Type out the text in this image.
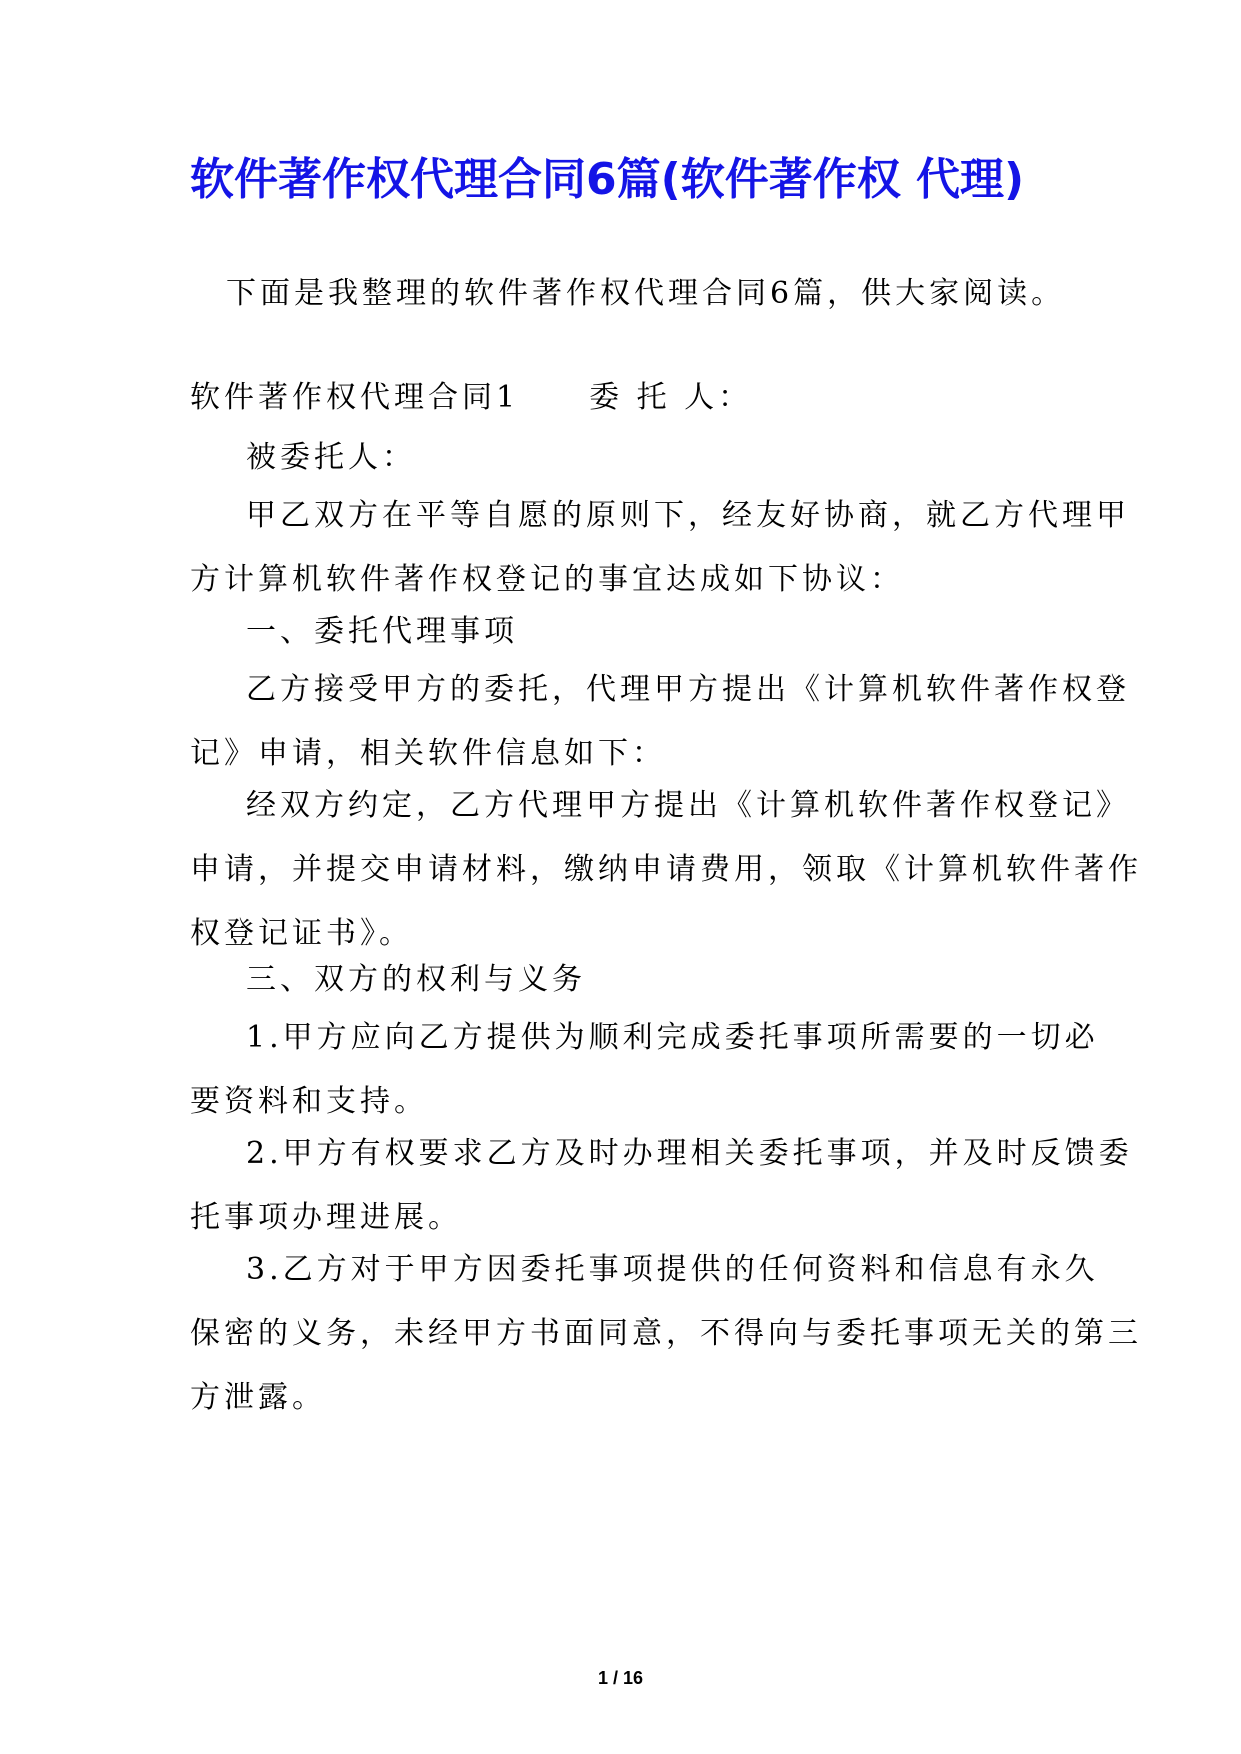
软件著作权代理合同6篇(软件著作权 代理)

下面是我整理的软件著作权代理合同6篇，供大家阅读。

软件著作权代理合同1 委 托 人：

被委托人：

甲乙双方在平等自愿的原则下，经友好协商，就乙方代理甲
方计算机软件著作权登记的事宜达成如下协议：

一、委托代理事项

乙方接受甲方的委托，代理甲方提出《计算机软件著作权登
记》申请，相关软件信息如下：

经双方约定，乙方代理甲方提出《计算机软件著作权登记》
申请，并提交申请材料，缴纳申请费用，领取《计算机软件著作
权登记证书》。

三、双方的权利与义务

1.甲方应向乙方提供为顺利完成委托事项所需要的一切必
要资料和支持。

2.甲方有权要求乙方及时办理相关委托事项，并及时反馈委
托事项办理进展。

3.乙方对于甲方因委托事项提供的任何资料和信息有永久
保密的义务，未经甲方书面同意，不得向与委托事项无关的第三
方泄露。

1 / 16
